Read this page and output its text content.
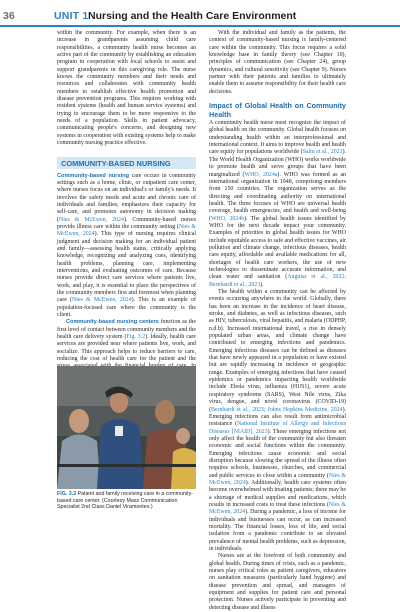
36	UNIT 1 Nursing and the Health Care Environment

within the community. For example, when there is an increase in grandparents assuming child care responsibilities, a community health nurse becomes an active part of the community by establishing an education program in cooperation with local schools to assist and support grandparents in this caregiving role. The nurse knows the community members and their needs and resources and collaborates with community health members to establish effective health promotion and disease prevention programs. This requires working with resident systems (health and human service systems) and trying to encourage them to be more responsive to the needs of a population. Skills in patient advocacy, communicating people's concerns, and designing new systems in cooperation with existing systems help to make community nursing practice effective.

COMMUNITY-BASED NURSING

Community-based nursing care occurs in community settings such as a home, clinic, or outpatient care center, where nurses focus on an individual's or family's needs. It involves the safety needs and acute and chronic care of individuals and families, emphasizes their capacity for self-care, and promotes autonomy in decision making (Nies & McEwen, 2024). Community-based nurses provide illness care within the community setting (Nies & McEwen, 2024). This type of nursing requires clinical judgment and decision making for an individual patient and family—assessing health status, critically applying knowledge, recognizing and analyzing cues, identifying health problems, planning care, implementing interventions, and evaluating outcomes of care. Because nurses provide direct care services where patients live, work, and play, it is essential to place the perspectives of the community members first and foremost when planning care (Nies & McEwen, 2024). This is an example of population-focused care where the community is the client.

Community-based nursing centers function as the first level of contact between community members and the health care delivery system (Fig. 3.2). Ideally, health care services are provided near where patients live, work, and socialize. This approach helps to reduce barriers to care, reducing the cost of health care for the patient and the

FIG. 3.2 Patient and family receiving care in a community-based care center. (Courtesy Mass Communication Specialist 2nd Class Daniel Viramontes.)

With the individual and family as the patients, the context of community-based nursing is family-centered care within the community. This focus requires a solid knowledge base in family theory (see Chapter 10), principles of communication (see Chapter 24), group dynamics, and cultural sensitivity (see Chapter 9). Nurses partner with their patients and families to ultimately enable them to assume responsibility for their health care decisions.

Impact of Global Health on Community Health

A community health nurse must recognize the impact of global health on the community. Global health focuses on understanding health within an interprofessional and international context. It aims to improve health and health care equity for populations worldwide (Salm et al., 2021). The World Health Organization (WHO) works worldwide to promote health and serve groups that have been marginalized (WHO, 2024a). WHO was formed as an international organization in 1948, comprising members from 150 countries. The organization serves as the directing and coordinating authority on international health. The three focuses of WHO are universal health coverage, health emergencies, and health and well-being (WHO, 2024b). The global health issues identified by WHO for the next decade impact your community. Examples of priorities in global health issues for WHO include equitable access to safe and effective vaccines, air pollution and climate change, infectious diseases, health care equity, affordable and available medications for all, shortages of health care workers, the use of new technologies to disseminate accurate information, and clean water and sanitation (Anguiar et al., 2022; Bernhardt et al., 2023).

The health within a community can be affected by events occurring anywhere in the world. Globally, there has been an increase in the incidence of heart disease, stroke, and diabetes, as well as infectious diseases, such as HIV, tuberculosis, viral hepatitis, and malaria (ODPHP, n.d.b). Increased international travel, a rise in densely populated urban areas, and climate change have contributed to emerging infections and pandemics. Emerging infectious diseases can be defined as diseases that have newly appeared in a population or have existed but are rapidly increasing in incidence or geographic range. Examples of emerging infections that have caused epidemics or pandemics impacting health worldwide include Ebola virus, influenza (H1N1), severe acute respiratory syndrome (SARS), West Nile virus, Zika virus, dengue, and novel coronavirus (COVID-19) (Bernhardt et al., 2023; Johns Hopkins Medicine, 2024). Emerging infections can also result from antimicrobial resistance (National Institute of Allergy and Infectious Diseases [NIAID], 2023). These emerging infections not only affect the health of the community but also threaten economic and social functions within the community. Emerging infections cause economic and social disruption because slowing the spread of the illness often requires schools, businesses, churches, and commercial and public services to close within a community (Nies & McEwen, 2024). Additionally, health care systems often become overwhelmed with treating patients; there may be a shortage of medical supplies and medications, which results in increased costs to treat these infections (Nies & McEwen, 2024). During a pandemic, a loss of income for individuals and businesses can occur, as can increased mortality. The financial losses, loss of life, and social isolation from a pandemic contribute to an elevated prevalence of mental health problems, such as depression, in individuals.

Nurses are at the forefront of both community and global health. During times of crisis, such as a pandemic, nurses play critical roles as patient caregivers, educators on sanitation measures (particularly hand hygiene) and disease prevention and spread, and managers of equipment and supplies for patient care and personal protection. Nurses actively participate in preventing and detecting disease and illness
